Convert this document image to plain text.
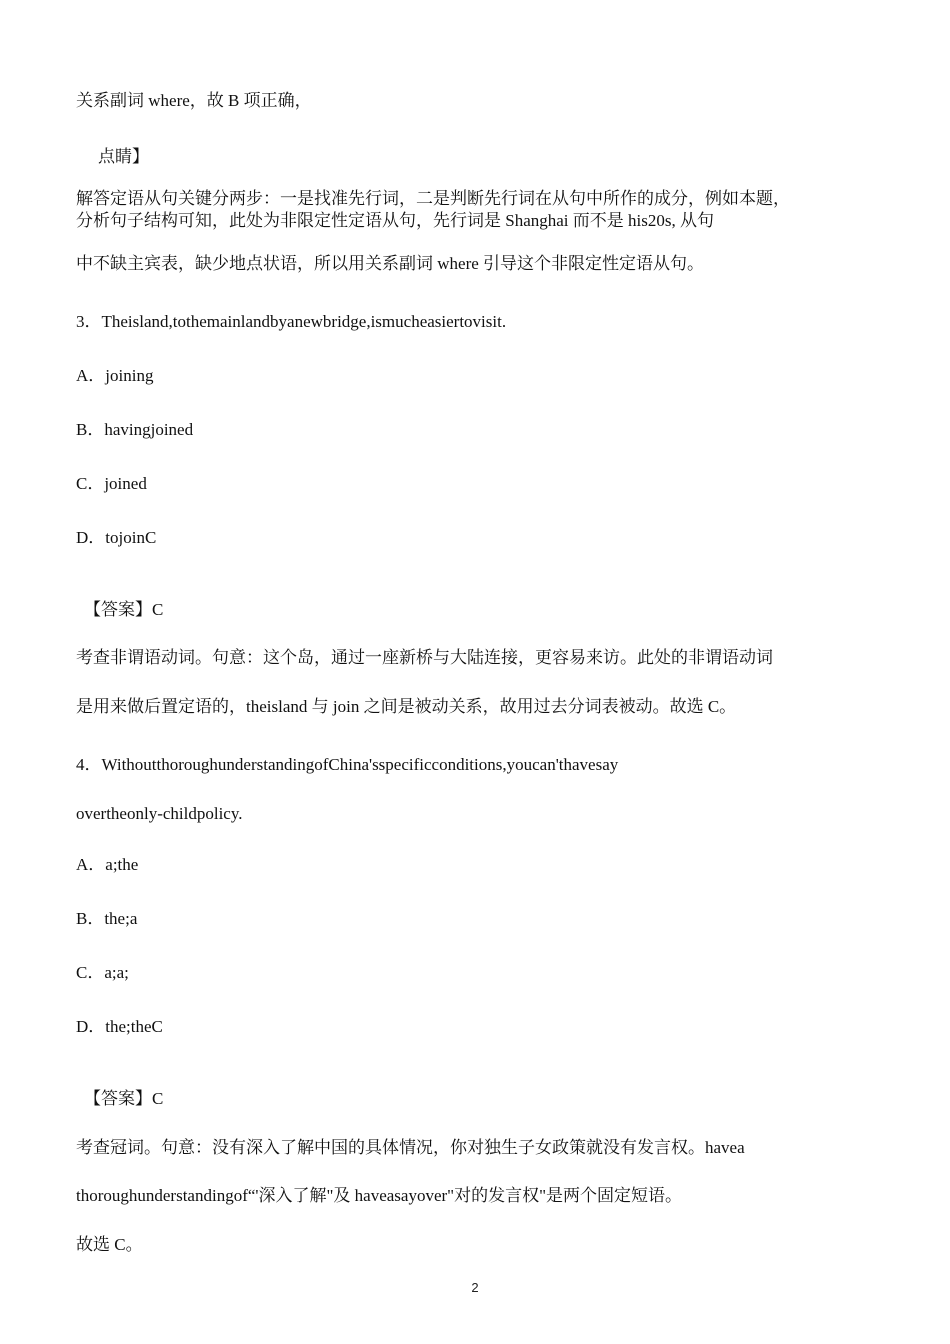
关系副词 where，故 B 项正确，
点睛】
解答定语从句关键分两步：一是找准先行词，二是判断先行词在从句中所作的成分，例如本题，
分析句子结构可知，此处为非限定性定语从句，先行词是 Shanghai 而不是 his20s, 从句
中不缺主宾表，缺少地点状语，所以用关系副词 where 引导这个非限定性定语从句。
3．Theisland,tothemainlandbyanewbridge,ismucheasiertovisit.
A．joining
B．havingjoined
C．joined
D．tojoinC
【答案】C
考查非谓语动词。句意：这个岛，通过一座新桥与大陆连接，更容易来访。此处的非谓语动词
是用来做后置定语的，theisland 与 join 之间是被动关系，故用过去分词表被动。故选 C。
4．WithoutthoroughunderstandingofChina'sspecificconditions,youcan'thavesay
overtheonly-childpolicy.
A．a;the
B．the;a
C．a;a;
D．the;theC
【答案】C
考查冠词。句意：没有深入了解中国的具体情况，你对独生子女政策就没有发言权。havea
thoroughunderstandingof“'深入了解"及 haveasayover"对的发言权"是两个固定短语。
故选 C。
2
